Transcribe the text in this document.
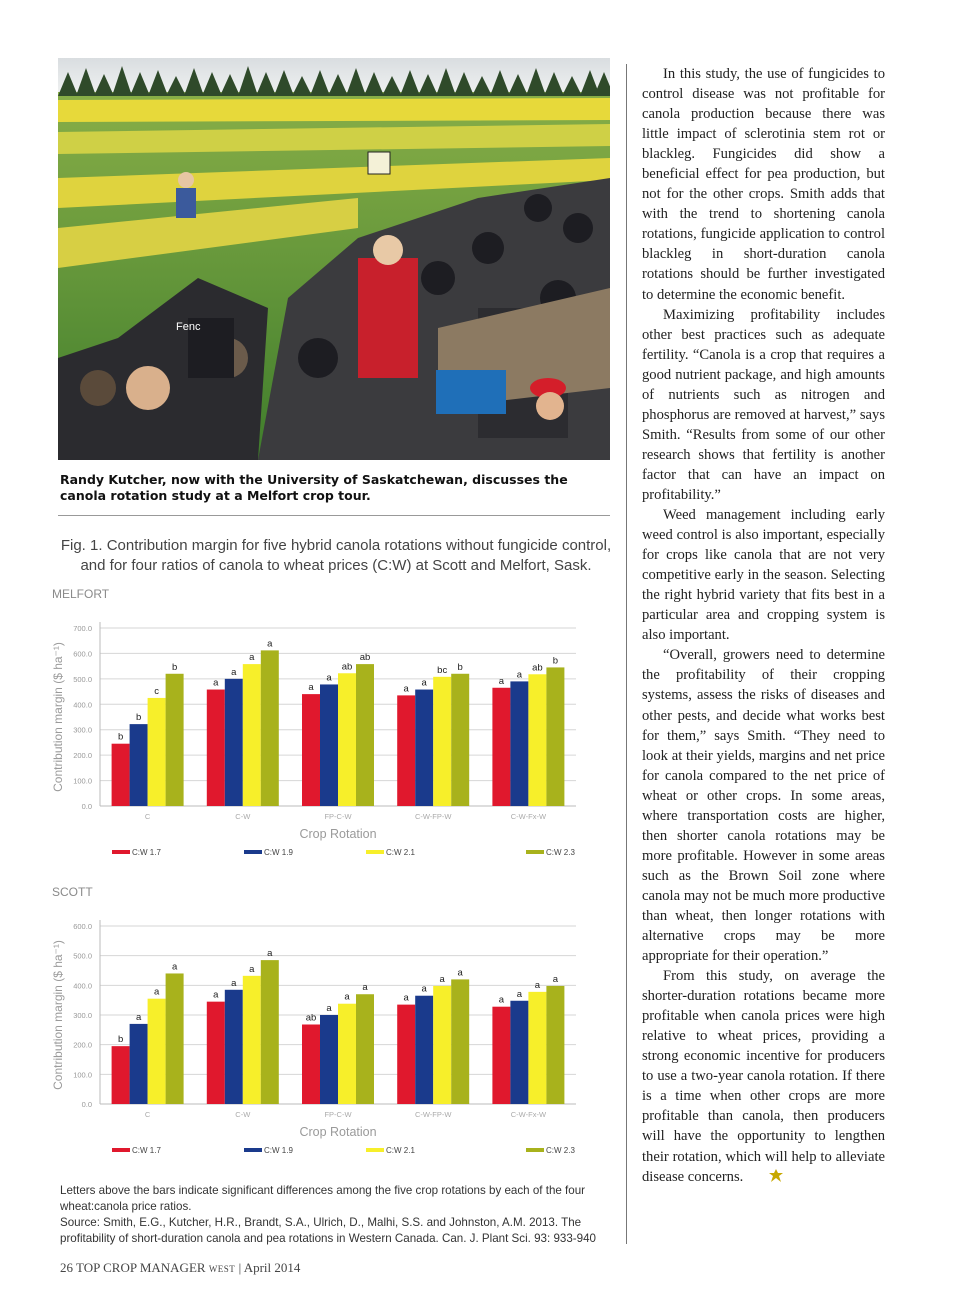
Fenc
Randy Kutcher, now with the University of Saskatchewan, discusses the canola rotation study at a Melfort crop tour.
Fig. 1. Contribution margin for five hybrid canola rotations without fungicide control, and for four ratios of canola to wheat prices (C:W) at Scott and Melfort, Sask.
MELFORT
Contribution margin ($ ha⁻¹)
0.0
100.0
200.0
300.0
400.0
500.0
600.0
700.0
b
b
c
b
C
a
a
a
a
C-W
a
a
ab
ab
FP-C-W
a
a
bc b
C-W-FP-W
a
a
ab
b
C-W-Fx-W
Crop Rotation
C:W 1.7	C:W 1.9	C:W 2.1	C:W 2.3
SCOTT
Contribution margin ($ ha⁻¹)
0.0
100.0
200.0
300.0
400.0
500.0
600.0
b
a
a
a
C
a
a
a
a
C-W
ab
a
a
a
FP-C-W
a
a
a
a
C-W-FP-W
a
a
a
a
C-W-Fx-W
Crop Rotation
C:W 1.7	C:W 1.9	C:W 2.1	C:W 2.3
Letters above the bars indicate significant differences among the five crop rotations by each of the four wheat:canola price ratios.
Source: Smith, E.G., Kutcher, H.R., Brandt, S.A., Ulrich, D., Malhi, S.S. and Johnston, A.M. 2013. The profitability of short-duration canola and pea rotations in Western Canada. Can. J. Plant Sci. 93: 933-940

In this study, the use of fungicides to control disease was not profitable for canola production because there was little impact of sclerotinia stem rot or blackleg. Fungicides did show a beneficial effect for pea production, but not for the other crops. Smith adds that with the trend to shortening canola rotations, fungicide application to control blackleg in short-duration canola rotations should be further investigated to determine the economic benefit.

Maximizing profitability includes other best practices such as adequate fertility. “Canola is a crop that requires a good nutrient package, and high amounts of nutrients such as nitrogen and phosphorus are removed at harvest,” says Smith. “Results from some of our other research shows that fertility is another factor that can have an impact on profitability.”

Weed management including early weed control is also important, especially for crops like canola that are not very competitive early in the season. Selecting the right hybrid variety that fits best in a particular area and cropping system is also important.

“Overall, growers need to determine the profitability of their cropping systems, assess the risks of diseases and other pests, and decide what works best for them,” says Smith. “They need to look at their yields, margins and net price for canola compared to the net price of wheat or other crops. In some areas, where transportation costs are higher, then shorter canola rotations may be more profitable. However in some areas such as the Brown Soil zone where canola may not be much more productive than wheat, then longer rotations with alternative crops may be more appropriate for their operation.”

From this study, on average the shorter-duration rotations became more profitable when canola prices were high relative to wheat prices, providing a strong economic incentive for producers to use a two-year canola rotation. If there is a time when other crops are more profitable than canola, then producers will have the opportunity to lengthen their rotation, which will help to alleviate disease concerns.

26 TOP CROP MANAGER WEST | April 2014
